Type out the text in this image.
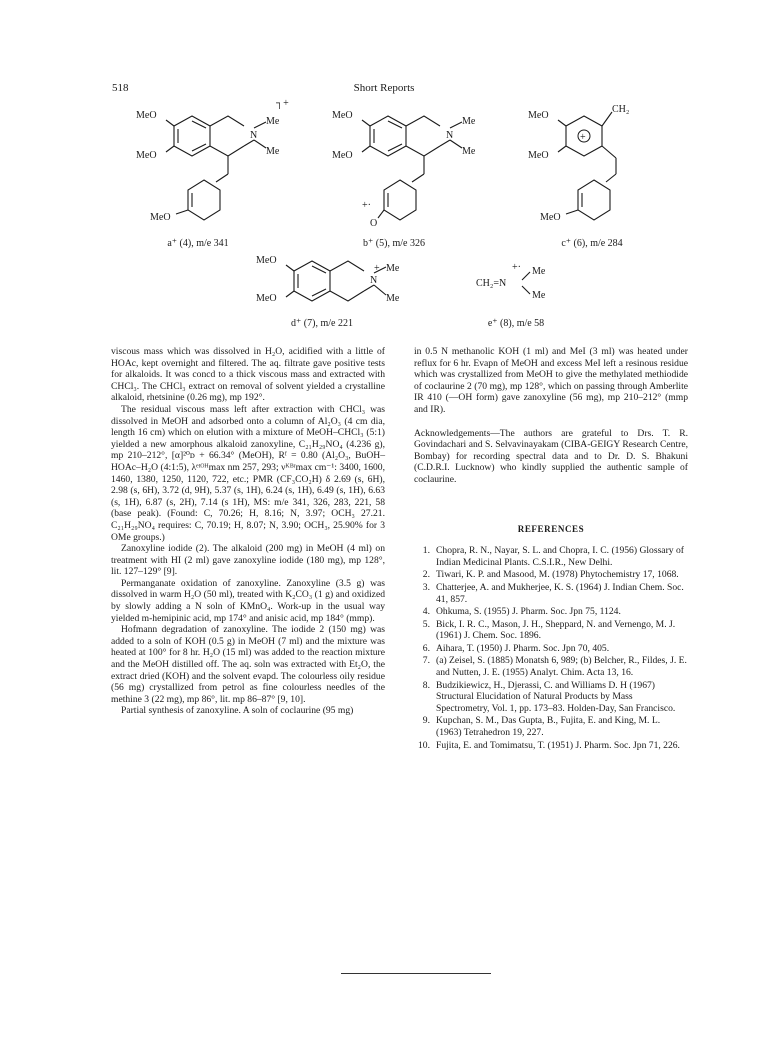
518	Short Reports
MeO
MeO
MeO
N
Me
Me
┐+
a⁺ (4), m/e 341
MeO
MeO
O
+·
N
Me
Me
b⁺ (5), m/e 326
+
MeO
MeO
MeO
CH₂
c⁺ (6), m/e 284
MeO
MeO
N
+ Me
Me
d⁺ (7), m/e 221
CH₂=N
Me
Me
+·
e⁺ (8), m/e 58

viscous mass which was dissolved in H₂O, acidified with a little of HOAc, kept overnight and filtered. The aq. filtrate gave positive tests for alkaloids. It was concd to a thick viscous mass and extracted with CHCl₃. The CHCl₃ extract on removal of solvent yielded a crystalline alkaloid, rhetsinine (0.26 mg), mp 192°.

The residual viscous mass left after extraction with CHCl₃ was dissolved in MeOH and adsorbed onto a column of Al₂O₃ (4 cm dia, length 16 cm) which on elution with a mixture of MeOH–CHCl₃ (5:1) yielded a new amorphous alkaloid zanoxyline, C₂₁H₂₉NO₄ (4.236 g), mp 210–212°, [α]²⁰ᴅ + 66.34° (MeOH), Rᶠ = 0.80 (Al₂O₃, BuOH–HOAc–H₂O (4:1:5), λᵉᵗᴼᴴmax nm 257, 293; νᴷᴮʳmax cm⁻¹: 3400, 1600, 1460, 1380, 1250, 1120, 722, etc.; PMR (CF₃CO₂H) δ 2.69 (s, 6H), 2.98 (s, 6H), 3.72 (d, 9H), 5.37 (s, 1H), 6.24 (s, 1H), 6.49 (s, 1H), 6.63 (s, 1H), 6.87 (s, 2H), 7.14 (s 1H), MS: m/e 341, 326, 283, 221, 58 (base peak). (Found: C, 70.26; H, 8.16; N, 3.97; OCH₃ 27.21. C₂₁H₂₉NO₄ requires: C, 70.19; H, 8.07; N, 3.90; OCH₃, 25.90% for 3 OMe groups.)

Zanoxyline iodide (2). The alkaloid (200 mg) in MeOH (4 ml) on treatment with HI (2 ml) gave zanoxyline iodide (180 mg), mp 128°, lit. 127–129° [9].

Permanganate oxidation of zanoxyline. Zanoxyline (3.5 g) was dissolved in warm H₂O (50 ml), treated with K₂CO₃ (1 g) and oxidized by slowly adding a N soln of KMnO₄. Work-up in the usual way yielded m-hemipinic acid, mp 174° and anisic acid, mp 184° (mmp).

Hofmann degradation of zanoxyline. The iodide 2 (150 mg) was added to a soln of KOH (0.5 g) in MeOH (7 ml) and the mixture was heated at 100° for 8 hr. H₂O (15 ml) was added to the reaction mixture and the MeOH distilled off. The aq. soln was extracted with Et₂O, the extract dried (KOH) and the solvent evapd. The colourless oily residue (56 mg) crystallized from petrol as fine colourless needles of the methine 3 (22 mg), mp 86°, lit. mp 86–87° [9, 10].

Partial synthesis of zanoxyline. A soln of coclaurine (95 mg)

in 0.5 N methanolic KOH (1 ml) and MeI (3 ml) was heated under reflux for 6 hr. Evapn of MeOH and excess MeI left a resinous residue which was crystallized from MeOH to give the methylated methiodide of coclaurine 2 (70 mg), mp 128°, which on passing through Amberlite IR 410 (—OH form) gave zanoxyline (56 mg), mp 210–212° (mmp and IR).

Acknowledgements—The authors are grateful to Drs. T. R. Govindachari and S. Selvavinayakam (CIBA-GEIGY Research Centre, Bombay) for recording spectral data and to Dr. D. S. Bhakuni (C.D.R.I. Lucknow) who kindly supplied the authentic sample of coclaurine.

REFERENCES
1. Chopra, R. N., Nayar, S. L. and Chopra, I. C. (1956) Glossary of Indian Medicinal Plants. C.S.I.R., New Delhi.
2. Tiwari, K. P. and Masood, M. (1978) Phytochemistry 17, 1068.
3. Chatterjee, A. and Mukherjee, K. S. (1964) J. Indian Chem. Soc. 41, 857.
4. Ohkuma, S. (1955) J. Pharm. Soc. Jpn 75, 1124.
5. Bick, I. R. C., Mason, J. H., Sheppard, N. and Vernengo, M. J. (1961) J. Chem. Soc. 1896.
6. Aihara, T. (1950) J. Pharm. Soc. Jpn 70, 405.
7. (a) Zeisel, S. (1885) Monatsh 6, 989; (b) Belcher, R., Fildes, J. E. and Nutten, J. E. (1955) Analyt. Chim. Acta 13, 16.
8. Budzikiewicz, H., Djerassi, C. and Williams D. H (1967) Structural Elucidation of Natural Products by Mass Spectrometry, Vol. 1, pp. 173–83. Holden-Day, San Francisco.
9. Kupchan, S. M., Das Gupta, B., Fujita, E. and King, M. L. (1963) Tetrahedron 19, 227.
10. Fujita, E. and Tomimatsu, T. (1951) J. Pharm. Soc. Jpn 71, 226.
